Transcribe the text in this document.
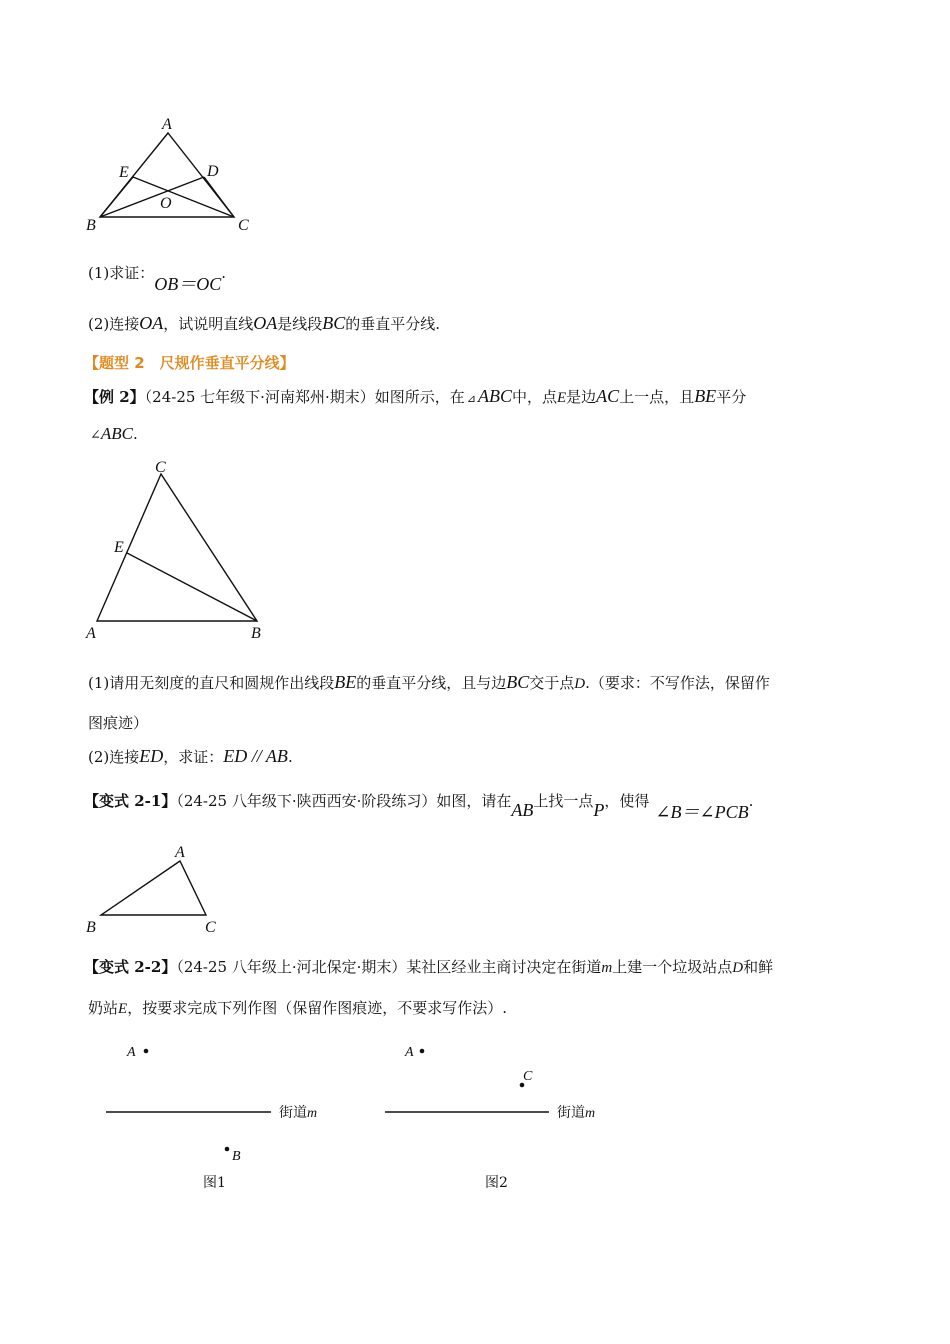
A
E	D
O
B	C
(1)求证：OB＝OC.
(2)连接OA，试说明直线OA是线段BC的垂直平分线.
【题型 2　尺规作垂直平分线】
【例 2】（24-25 七年级下·河南郑州·期末）如图所示，在 ⊿ ABC中，点E是边AC上一点，且BE平分
∠ABC.
C
E
A	B
(1)请用无刻度的直尺和圆规作出线段BE的垂直平分线，且与边BC交于点D.（要求：不写作法，保留作
图痕迹）
(2)连接ED，求证：ED // AB.
【变式 2-1】（24-25 八年级下·陕西西安·阶段练习）如图，请在AB上找一点P，使得∠B＝∠PCB.
A
B	C
【变式 2-2】（24-25 八年级上·河北保定·期末）某社区经业主商讨决定在街道m上建一个垃圾站点D和鲜
奶站E，按要求完成下列作图（保留作图痕迹，不要求写作法）.
A
街道 m
B
图1
A
C
街道 m
图2
